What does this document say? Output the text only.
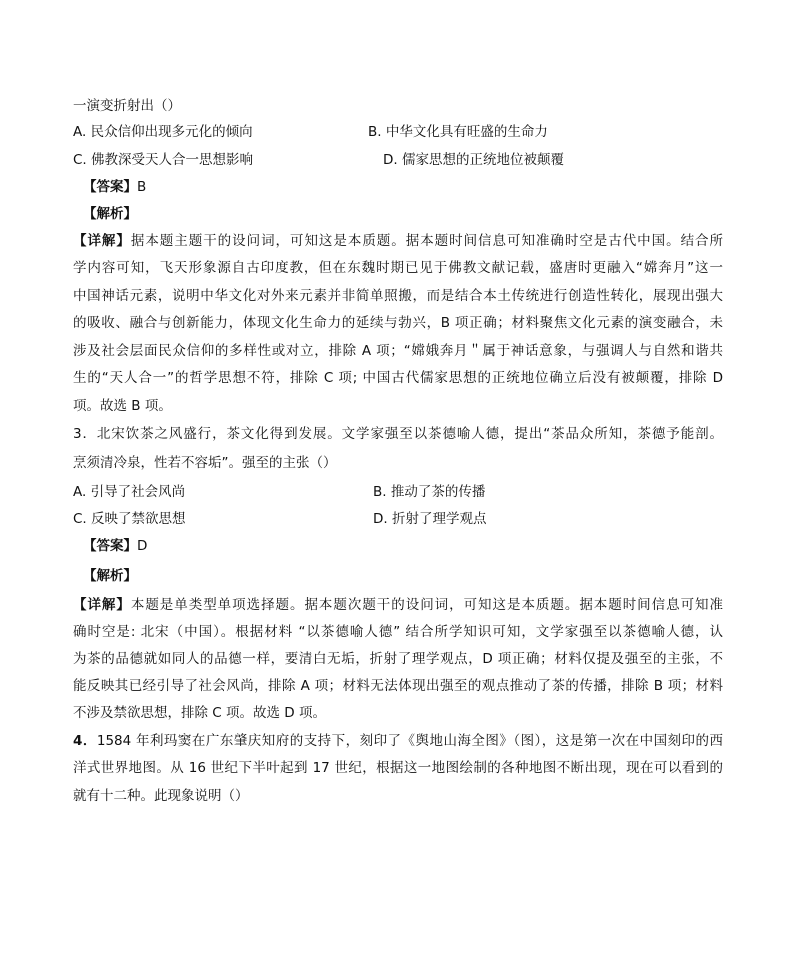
一演变折射出（）
A. 民众信仰出现多元化的倾向	B. 中华文化具有旺盛的生命力
C. 佛教深受天人合一思想影响	D. 儒家思想的正统地位被颠覆
【答案】B
【解析】
【详解】据本题主题干的设问词，可知这是本质题。据本题时间信息可知准确时空是古代中国。结合所
学内容可知，飞天形象源自古印度教，但在东魏时期已见于佛教文献记载，盛唐时更融入“嫦奔月”这一
中国神话元素，说明中华文化对外来元素并非简单照搬，而是结合本土传统进行创造性转化，展现出强大
的吸收、融合与创新能力，体现文化生命力的延续与勃兴，B 项正确；材料聚焦文化元素的演变融合，未
涉及社会层面民众信仰的多样性或对立，排除 A 项；“嫦娥奔月＂属于神话意象，与强调人与自然和谐共
生的“天人合一”的哲学思想不符，排除 C 项; 中国古代儒家思想的正统地位确立后没有被颠覆，排除 D
项。故选 B 项。
3．北宋饮茶之风盛行，茶文化得到发展。文学家强至以茶德喻人德，提出“茶品众所知，茶德予能剖。
烹须清冷泉，性若不容垢”。强至的主张（）
A. 引导了社会风尚	B. 推动了茶的传播
C. 反映了禁欲思想	D. 折射了理学观点
【答案】D
【解析】
【详解】本题是单类型单项选择题。据本题次题干的设问词，可知这是本质题。据本题时间信息可知准
确时空是: 北宋（中国）。根据材料 “以茶德喻人德” 结合所学知识可知，文学家强至以茶德喻人德，认
为茶的品德就如同人的品德一样，要清白无垢，折射了理学观点，D 项正确；材料仅提及强至的主张，不
能反映其已经引导了社会风尚，排除 A 项；材料无法体现出强至的观点推动了茶的传播，排除 B 项；材料
不涉及禁欲思想，排除 C 项。故选 D 项。
4．1584 年利玛窦在广东肇庆知府的支持下，刻印了《舆地山海全图》（图），这是第一次在中国刻印的西
洋式世界地图。从 16 世纪下半叶起到 17 世纪，根据这一地图绘制的各种地图不断出现，现在可以看到的
就有十二种。此现象说明（）
